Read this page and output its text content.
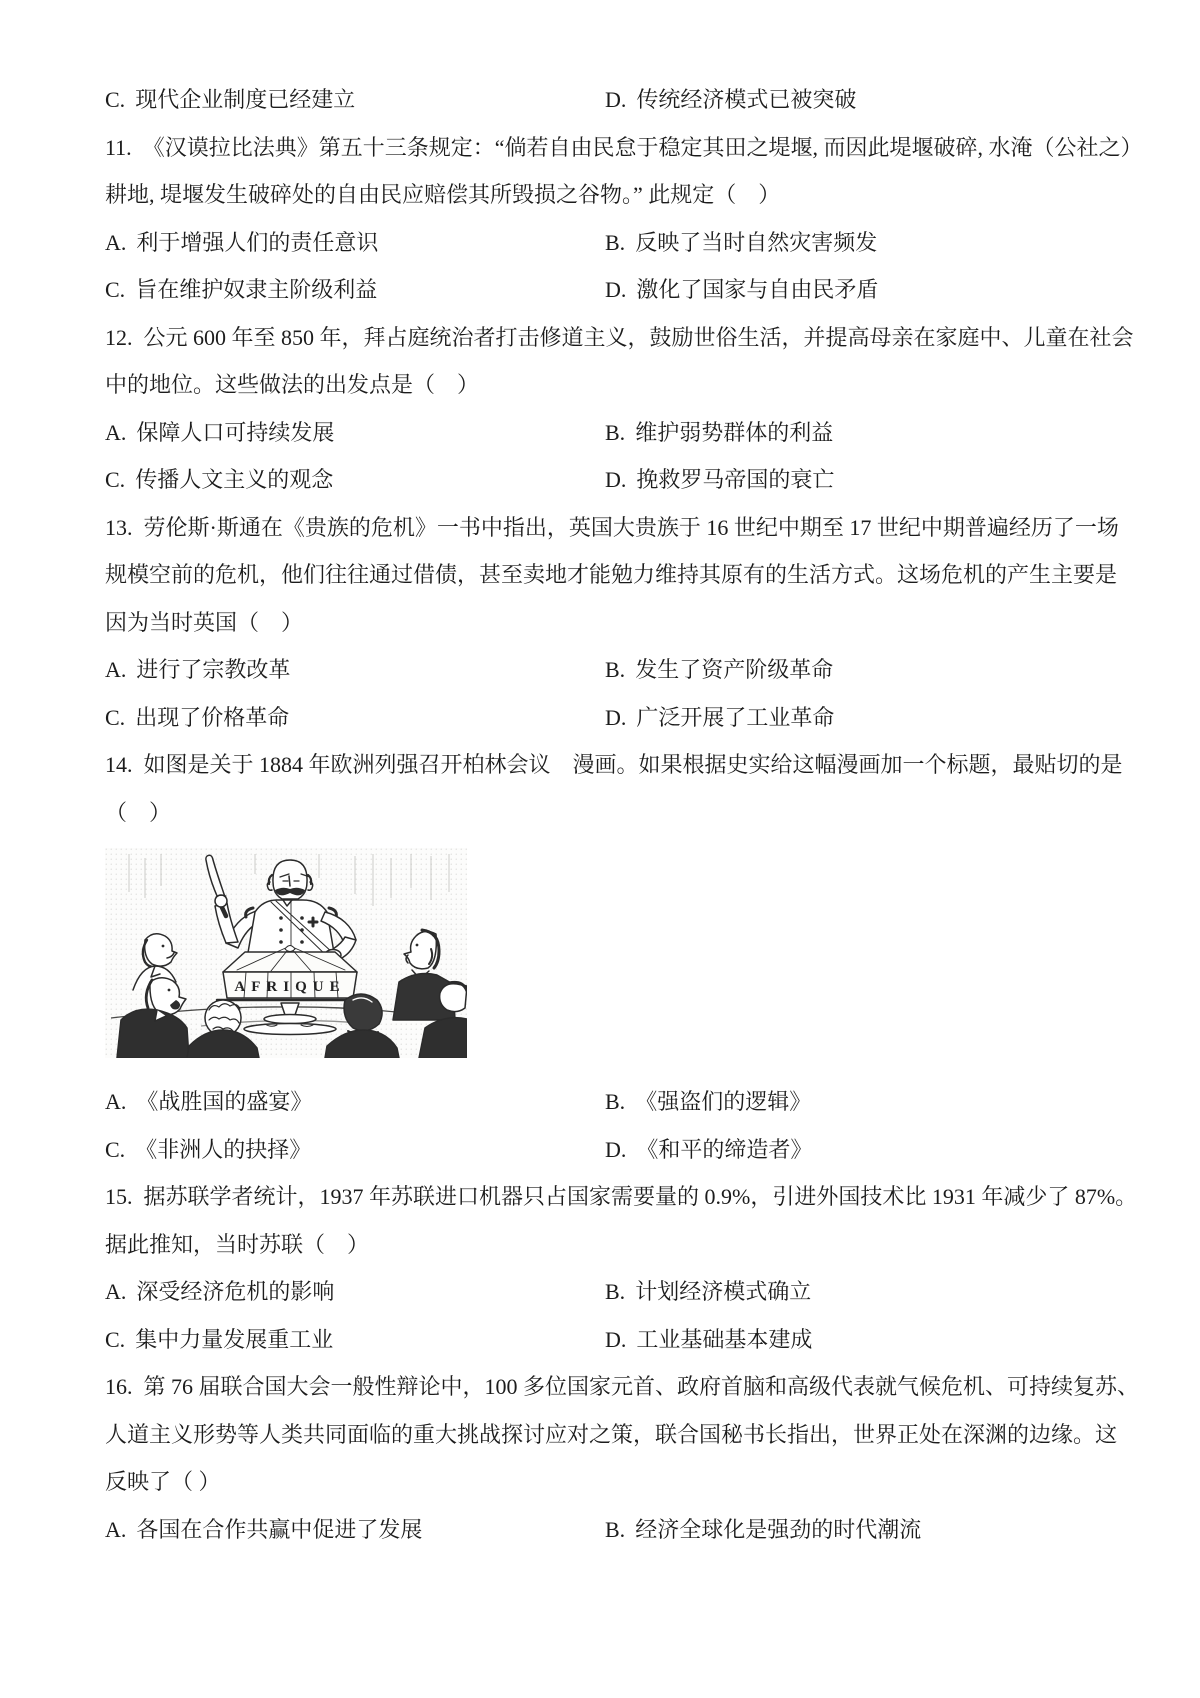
C. 现代企业制度已经建立	D. 传统经济模式已被突破
11. 《汉谟拉比法典》第五十三条规定：“倘若自由民怠于稳定其田之堤堰, 而因此堤堰破碎, 水淹（公社之）
耕地, 堤堰发生破碎处的自由民应赔偿其所毁损之谷物。” 此规定（　）
A. 利于增强人们的责任意识	B. 反映了当时自然灾害频发
C. 旨在维护奴隶主阶级利益	D. 激化了国家与自由民矛盾
12. 公元 600 年至 850 年，拜占庭统治者打击修道主义，鼓励世俗生活，并提高母亲在家庭中、儿童在社会
中的地位。这些做法的出发点是（　）
A. 保障人口可持续发展	B. 维护弱势群体的利益
C. 传播人文主义的观念	D. 挽救罗马帝国的衰亡
13. 劳伦斯·斯通在《贵族的危机》一书中指出，英国大贵族于 16 世纪中期至 17 世纪中期普遍经历了一场
规模空前的危机，他们往往通过借债，甚至卖地才能勉力维持其原有的生活方式。这场危机的产生主要是
因为当时英国（　）
A. 进行了宗教改革	B. 发生了资产阶级革命
C. 出现了价格革命	D. 广泛开展了工业革命
14. 如图是关于 1884 年欧洲列强召开柏林会议　漫画。如果根据史实给这幅漫画加一个标题，最贴切的是
（　）
AFRIQUE
A. 《战胜国的盛宴》	B. 《强盗们的逻辑》
C. 《非洲人的抉择》	D. 《和平的缔造者》
15. 据苏联学者统计，1937 年苏联进口机器只占国家需要量的 0.9%，引进外国技术比 1931 年减少了 87%。
据此推知，当时苏联（　）
A. 深受经济危机的影响	B. 计划经济模式确立
C. 集中力量发展重工业	D. 工业基础基本建成
16. 第 76 届联合国大会一般性辩论中，100 多位国家元首、政府首脑和高级代表就气候危机、可持续复苏、
人道主义形势等人类共同面临的重大挑战探讨应对之策，联合国秘书长指出，世界正处在深渊的边缘。这
反映了（ ）
A. 各国在合作共赢中促进了发展	B. 经济全球化是强劲的时代潮流
